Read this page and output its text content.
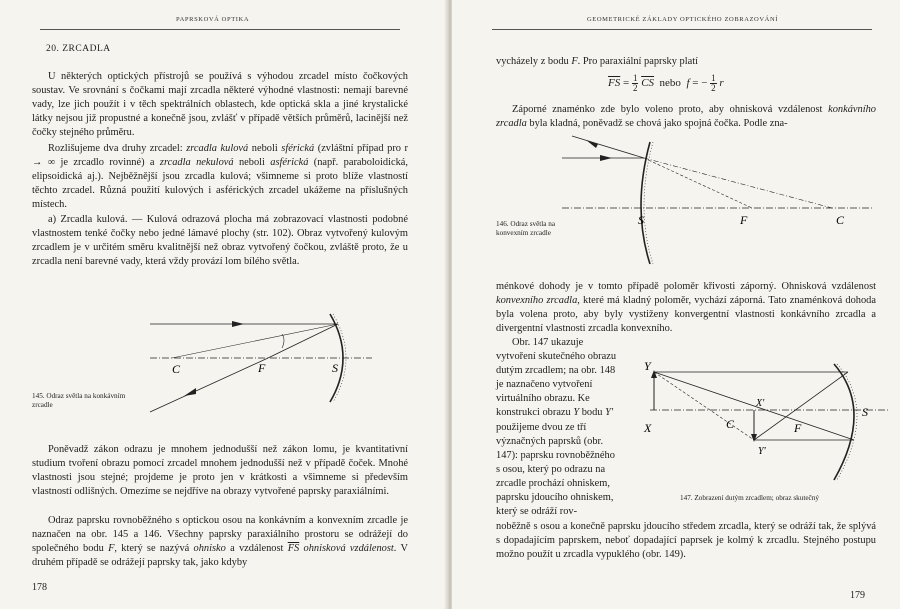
PAPRSKOVÁ OPTIKA

20. ZRCADLA

U některých optických přístrojů se používá s výhodou zrcadel místo čočkových soustav. Ve srovnání s čočkami mají zrcadla některé výhodné vlastnosti: nemají barevné vady, lze jich použít i v těch spektrálních oblastech, kde optická skla a jiné krystalické látky nejsou již propustné a konečně jsou, zvlášť v případě větších průměrů, lacinější než čočky stejného průměru.

Rozlišujeme dva druhy zrcadel: zrcadla kulová neboli sférická (zvláštní případ pro r → ∞ je zrcadlo rovinné) a zrcadla nekulová neboli asférická (např. paraboloidická, elipsoidická aj.). Nejběžnější jsou zrcadla kulová; všimneme si proto blíže vlastností těchto zrcadel. Různá použití kulových i asférických zrcadel ukážeme na příslušných místech.

a) Zrcadla kulová. — Kulová odrazová plocha má zobrazovací vlastnosti podobné vlastnostem tenké čočky nebo jedné lámavé plochy (str. 102). Obraz vytvořený kulovým zrcadlem je v určitém směru kvalitnější než obraz vytvořený čočkou, zvláště proto, že u zrcadla není barevné vady, která vždy provází lom bílého světla.

C	F	S

145. Odraz světla na konkávním zrcadle

Poněvadž zákon odrazu je mnohem jednodušší než zákon lomu, je kvantitativní studium tvoření obrazu pomocí zrcadel mnohem jednodušší než v případě čoček. Mnohé vlastnosti jsou stejné; projdeme je proto jen v krátkosti a všimneme si především vlastností odlišných. Omezíme se nejdříve na obrazy vytvořené paprsky paraxiálními.

Odraz paprsku rovnoběžného s optickou osou na konkávním a konvexním zrcadle je naznačen na obr. 145 a 146. Všechny paprsky paraxiálního prostoru se odrážejí do společného bodu F, který se nazývá ohnisko a vzdálenost $\overline{FS}$ ohnisková vzdálenost. V druhém případě se odrážejí paprsky tak, jako kdyby

178
GEOMETRICKÉ ZÁKLADY OPTICKÉHO ZOBRAZOVÁNÍ

vycházely z bodu F. Pro paraxiální paprsky platí

$\overline{FS} = \frac{1}{2} \overline{CS}$ nebo f = − $\frac{1}{2}$ r

Záporné znaménko zde bylo voleno proto, aby ohnisková vzdálenost konkávního zrcadla byla kladná, poněvadž se chová jako spojná čočka. Podle zna-

S	F	C

146. Odraz světla na konvexním zrcadle

ménkové dohody je v tomto případě poloměr křivosti záporný. Ohnisková vzdálenost konvexního zrcadla, které má kladný poloměr, vychází záporná. Tato znaménková dohoda byla volena proto, aby byly vystiženy konvergentní vlastnosti konkávního zrcadla a divergentní vlastnosti zrcadla konvexního.

Obr. 147 ukazuje vytvoření skutečného obrazu dutým zrcadlem; na obr. 148 je naznačeno vytvoření virtuálního obrazu. Ke konstrukci obrazu Y bodu Y' použijeme dvou ze tří význačných paprsků (obr. 147): paprsku rovnoběžného s osou, který po odrazu na zrcadle prochází ohniskem, paprsku jdoucího ohniskem, který se odráží rov-

Y
X	C
X'
F
S
Y'

147. Zobrazení dutým zrcadlem; obraz skutečný

noběžně s osou a konečně paprsku jdoucího středem zrcadla, který se odráží tak, že splývá s dopadajícím paprskem, neboť dopadající paprsek je kolmý k zrcadlu. Stejného postupu možno použít u zrcadla vypuklého (obr. 149).

179
